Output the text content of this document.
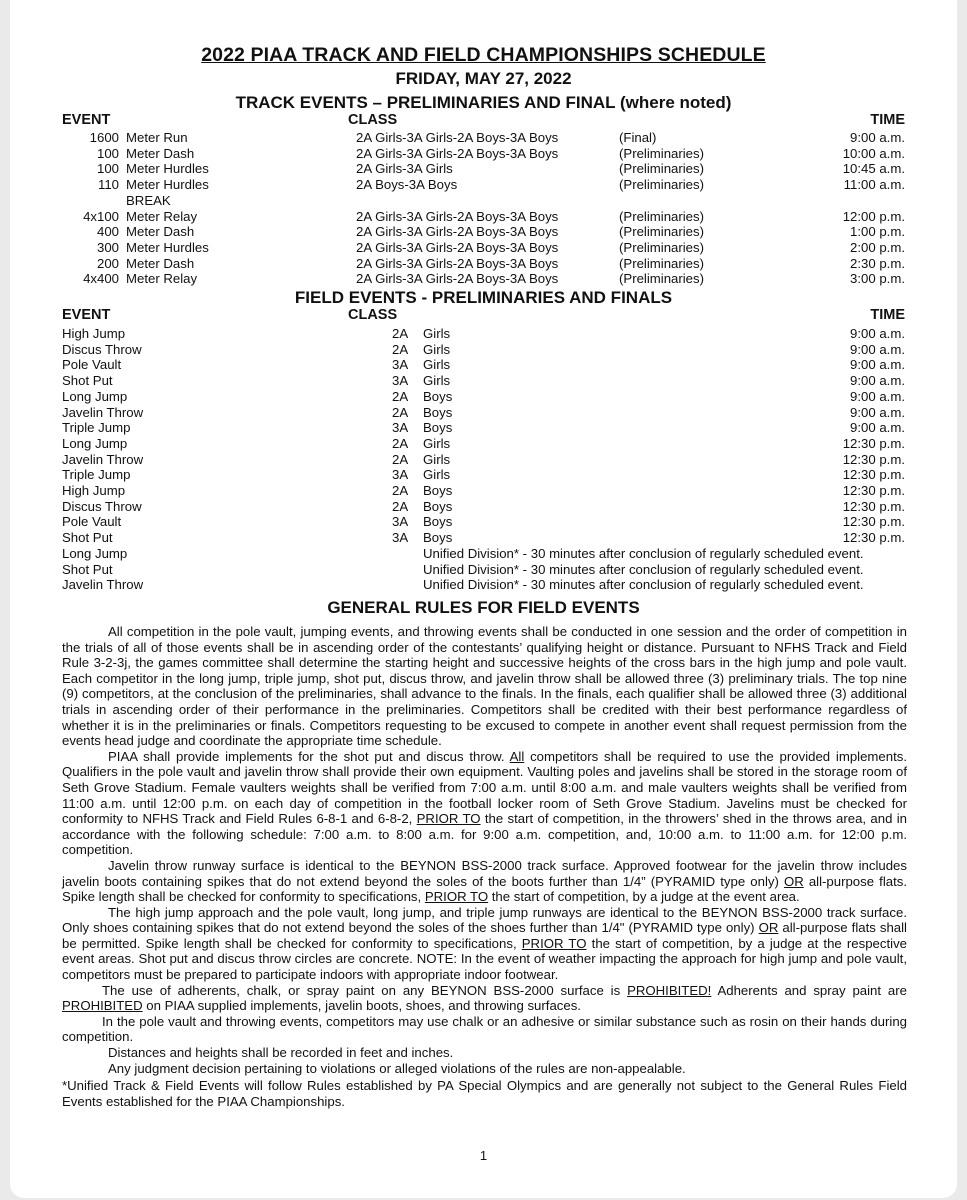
2022 PIAA TRACK AND FIELD CHAMPIONSHIPS SCHEDULE
FRIDAY, MAY 27, 2022
TRACK EVENTS – PRELIMINARIES AND FINAL (where noted)
EVENT	CLASS	TIME
1600 Meter Run	2A Girls-3A Girls-2A Boys-3A Boys	(Final)	9:00 a.m.
100 Meter Dash	2A Girls-3A Girls-2A Boys-3A Boys	(Preliminaries)	10:00 a.m.
100 Meter Hurdles	2A Girls-3A Girls	(Preliminaries)	10:45 a.m.
110 Meter Hurdles	2A Boys-3A Boys	(Preliminaries)	11:00 a.m.
BREAK
4x100 Meter Relay	2A Girls-3A Girls-2A Boys-3A Boys	(Preliminaries)	12:00 p.m.
400 Meter Dash	2A Girls-3A Girls-2A Boys-3A Boys	(Preliminaries)	1:00 p.m.
300 Meter Hurdles	2A Girls-3A Girls-2A Boys-3A Boys	(Preliminaries)	2:00 p.m.
200 Meter Dash	2A Girls-3A Girls-2A Boys-3A Boys	(Preliminaries)	2:30 p.m.
4x400 Meter Relay	2A Girls-3A Girls-2A Boys-3A Boys	(Preliminaries)	3:00 p.m.
FIELD EVENTS - PRELIMINARIES AND FINALS
EVENT	CLASS	TIME
High Jump	2A Girls	9:00 a.m.
Discus Throw	2A Girls	9:00 a.m.
Pole Vault	3A Girls	9:00 a.m.
Shot Put	3A Girls	9:00 a.m.
Long Jump	2A Boys	9:00 a.m.
Javelin Throw	2A Boys	9:00 a.m.
Triple Jump	3A Boys	9:00 a.m.
Long Jump	2A Girls	12:30 p.m.
Javelin Throw	2A Girls	12:30 p.m.
Triple Jump	3A Girls	12:30 p.m.
High Jump	2A Boys	12:30 p.m.
Discus Throw	2A Boys	12:30 p.m.
Pole Vault	3A Boys	12:30 p.m.
Shot Put	3A Boys	12:30 p.m.
Long Jump	Unified Division* - 30 minutes after conclusion of regularly scheduled event.
Shot Put	Unified Division* - 30 minutes after conclusion of regularly scheduled event.
Javelin Throw	Unified Division* - 30 minutes after conclusion of regularly scheduled event.
GENERAL RULES FOR FIELD EVENTS

All competition in the pole vault, jumping events, and throwing events shall be conducted in one session and the order of competition in the trials of all of those events shall be in ascending order of the contestants’ qualifying height or distance. Pursuant to NFHS Track and Field Rule 3-2-3j, the games committee shall determine the starting height and successive heights of the cross bars in the high jump and pole vault. Each competitor in the long jump, triple jump, shot put, discus throw, and javelin throw shall be allowed three (3) preliminary trials. The top nine (9) competitors, at the conclusion of the preliminaries, shall advance to the finals. In the finals, each qualifier shall be allowed three (3) additional trials in ascending order of their performance in the preliminaries. Competitors shall be credited with their best performance regardless of whether it is in the preliminaries or finals. Competitors requesting to be excused to compete in another event shall request permission from the events head judge and coordinate the appropriate time schedule.

PIAA shall provide implements for the shot put and discus throw. All competitors shall be required to use the provided implements. Qualifiers in the pole vault and javelin throw shall provide their own equipment. Vaulting poles and javelins shall be stored in the storage room of Seth Grove Stadium. Female vaulters weights shall be verified from 7:00 a.m. until 8:00 a.m. and male vaulters weights shall be verified from 11:00 a.m. until 12:00 p.m. on each day of competition in the football locker room of Seth Grove Stadium. Javelins must be checked for conformity to NFHS Track and Field Rules 6-8-1 and 6-8-2, PRIOR TO the start of competition, in the throwers’ shed in the throws area, and in accordance with the following schedule: 7:00 a.m. to 8:00 a.m. for 9:00 a.m. competition, and, 10:00 a.m. to 11:00 a.m. for 12:00 p.m. competition.

Javelin throw runway surface is identical to the BEYNON BSS-2000 track surface. Approved footwear for the javelin throw includes javelin boots containing spikes that do not extend beyond the soles of the boots further than 1/4” (PYRAMID type only) OR all-purpose flats. Spike length shall be checked for conformity to specifications, PRIOR TO the start of competition, by a judge at the event area.

The high jump approach and the pole vault, long jump, and triple jump runways are identical to the BEYNON BSS-2000 track surface. Only shoes containing spikes that do not extend beyond the soles of the shoes further than 1/4" (PYRAMID type only) OR all-purpose flats shall be permitted. Spike length shall be checked for conformity to specifications, PRIOR TO the start of competition, by a judge at the respective event areas. Shot put and discus throw circles are concrete. NOTE: In the event of weather impacting the approach for high jump and pole vault, competitors must be prepared to participate indoors with appropriate indoor footwear.

The use of adherents, chalk, or spray paint on any BEYNON BSS-2000 surface is PROHIBITED! Adherents and spray paint are PROHIBITED on PIAA supplied implements, javelin boots, shoes, and throwing surfaces.

In the pole vault and throwing events, competitors may use chalk or an adhesive or similar substance such as rosin on their hands during competition.

Distances and heights shall be recorded in feet and inches.

Any judgment decision pertaining to violations or alleged violations of the rules are non-appealable.

*Unified Track & Field Events will follow Rules established by PA Special Olympics and are generally not subject to the General Rules Field Events established for the PIAA Championships.

1
